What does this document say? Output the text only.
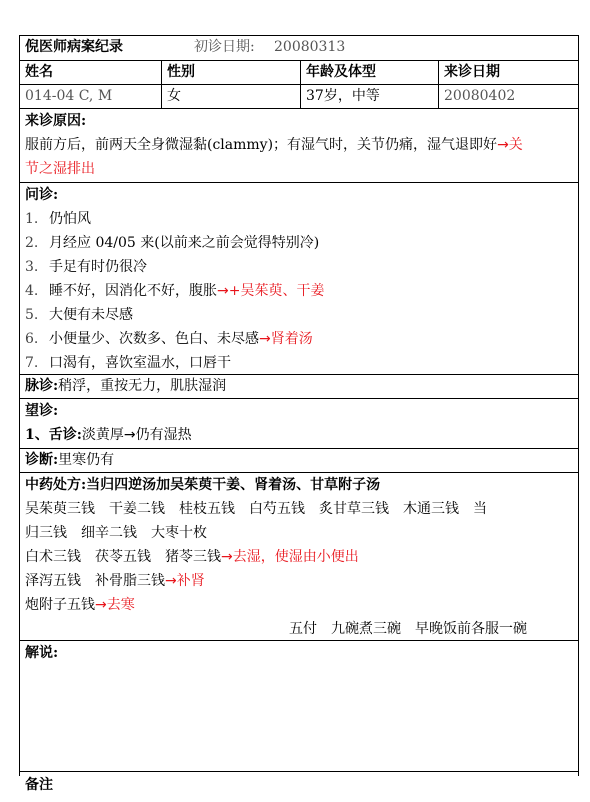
倪医师病案纪录	初诊日期: 20080313
姓名	性别	年龄及体型	来诊日期
014-04 C, M	女	37岁，中等	20080402
来诊原因:
服前方后，前两天全身微湿黏(clammy)；有湿气时，关节仍痛，湿气退即好→关
节之湿排出
问诊:
1. 仍怕风
2. 月经应 04/05 来(以前来之前会觉得特别冷)
3. 手足有时仍很冷
4. 睡不好，因消化不好，腹胀→+吴茱萸、干姜
5. 大便有未尽感
6. 小便量少、次数多、色白、未尽感→肾着汤
7. 口渴有，喜饮室温水，口唇干
脉诊:稍浮，重按无力，肌肤湿润
望诊:
1、舌诊:淡黄厚→仍有湿热
诊断:里寒仍有
中药处方:当归四逆汤加吴茱萸干姜、肾着汤、甘草附子汤
吴茱萸三钱　干姜二钱　桂枝五钱　白芍五钱　炙甘草三钱　木通三钱　当
归三钱　细辛二钱　大枣十枚
白术三钱　茯苓五钱　猪苓三钱→去湿，使湿由小便出
泽泻五钱　补骨脂三钱→补肾
炮附子五钱→去寒
五付　九碗煮三碗　早晚饭前各服一碗
解说:
备注
